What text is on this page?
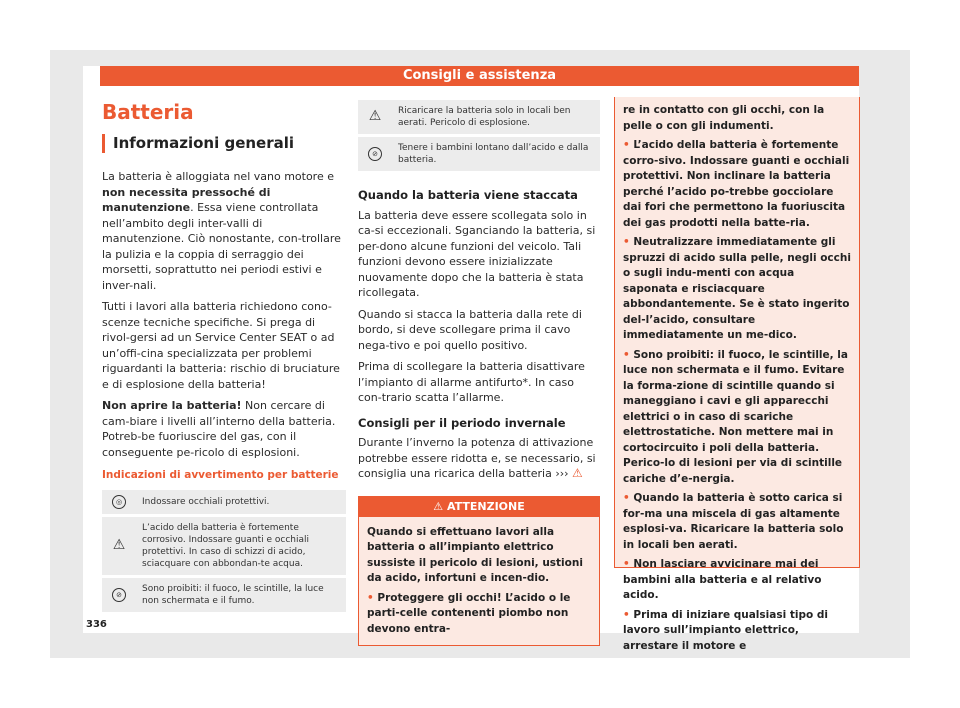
Consigli e assistenza
Batteria
Informazioni generali

La batteria è alloggiata nel vano motore e non necessita pressoché di manutenzione. Essa viene controllata nell’ambito degli inter-valli di manutenzione. Ciò nonostante, con-trollare la pulizia e la coppia di serraggio dei morsetti, soprattutto nei periodi estivi e inver-nali.

Tutti i lavori alla batteria richiedono cono-scenze tecniche specifiche. Si prega di rivol-gersi ad un Service Center SEAT o ad un’offi-cina specializzata per problemi riguardanti la batteria: rischio di bruciature e di esplosione della batteria!

Non aprire la batteria! Non cercare di cam-biare i livelli all’interno della batteria. Potreb-be fuoriuscire del gas, con il conseguente pe-ricolo di esplosioni.

Indicazioni di avvertimento per batterie
◎	Indossare occhiali protettivi.
⚠	L’acido della batteria è fortemente corrosivo. Indossare guanti e occhiali protettivi. In caso di schizzi di acido, sciacquare con abbondan-te acqua.
⊘	Sono proibiti: il fuoco, le scintille, la luce non schermata e il fumo.
⚠	Ricaricare la batteria solo in locali ben aerati. Pericolo di esplosione.
⊘	Tenere i bambini lontano dall’acido e dalla batteria.
Quando la batteria viene staccata

La batteria deve essere scollegata solo in ca-si eccezionali. Sganciando la batteria, si per-dono alcune funzioni del veicolo. Tali funzioni devono essere inizializzate nuovamente dopo che la batteria è stata ricollegata.

Quando si stacca la batteria dalla rete di bordo, si deve scollegare prima il cavo nega-tivo e poi quello positivo.

Prima di scollegare la batteria disattivare l’impianto di allarme antifurto*. In caso con-trario scatta l’allarme.

Consigli per il periodo invernale

Durante l’inverno la potenza di attivazione potrebbe essere ridotta e, se necessario, si consiglia una ricarica della batteria ››› ⚠

⚠ ATTENZIONE

Quando si effettuano lavori alla batteria o all’impianto elettrico sussiste il pericolo di lesioni, ustioni da acido, infortuni e incen-dio.

• Proteggere gli occhi! L’acido o le parti-celle contenenti piombo non devono entra-

re in contatto con gli occhi, con la pelle o con gli indumenti.

• L’acido della batteria è fortemente corro-sivo. Indossare guanti e occhiali protettivi. Non inclinare la batteria perché l’acido po-trebbe gocciolare dai fori che permettono la fuoriuscita dei gas prodotti nella batte-ria.

• Neutralizzare immediatamente gli spruzzi di acido sulla pelle, negli occhi o sugli indu-menti con acqua saponata e risciacquare abbondantemente. Se è stato ingerito del-l’acido, consultare immediatamente un me-dico.

• Sono proibiti: il fuoco, le scintille, la luce non schermata e il fumo. Evitare la forma-zione di scintille quando si maneggiano i cavi e gli apparecchi elettrici o in caso di scariche elettrostatiche. Non mettere mai in cortocircuito i poli della batteria. Perico-lo di lesioni per via di scintille cariche d’e-nergia.

• Quando la batteria è sotto carica si for-ma una miscela di gas altamente esplosi-va. Ricaricare la batteria solo in locali ben aerati.

• Non lasciare avvicinare mai dei bambini alla batteria e al relativo acido.

• Prima di iniziare qualsiasi tipo di lavoro sull’impianto elettrico, arrestare il motore e

336
